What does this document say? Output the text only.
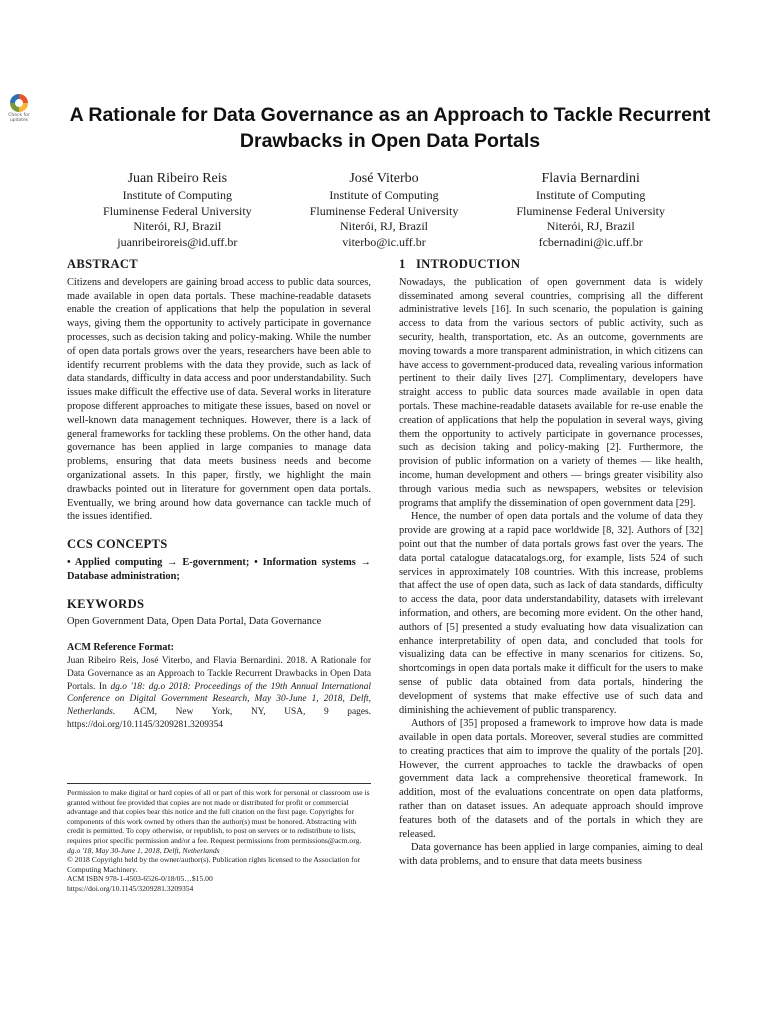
Check for updates	A Rationale for Data Governance as an Approach to Tackle Recurrent Drawbacks in Open Data Portals
Juan Ribeiro Reis
Institute of Computing
Fluminense Federal University
Niterói, RJ, Brazil
juanribeiroreis@id.uff.br
José Viterbo
Institute of Computing
Fluminense Federal University
Niterói, RJ, Brazil
viterbo@ic.uff.br
Flavia Bernardini
Institute of Computing
Fluminense Federal University
Niterói, RJ, Brazil
fcbernadini@ic.uff.br
ABSTRACT

Citizens and developers are gaining broad access to public data sources, made available in open data portals. These machine-readable datasets enable the creation of applications that help the population in several ways, giving them the opportunity to actively participate in governance processes, such as decision taking and policy-making. While the number of open data portals grows over the years, researchers have been able to identify recurrent problems with the data they provide, such as lack of data standards, difficulty in data access and poor understandability. Such issues make difficult the effective use of data. Several works in literature propose different approaches to mitigate these issues, based on novel or well-known data management techniques. However, there is a lack of general frameworks for tackling these problems. On the other hand, data governance has been applied in large companies to manage data problems, ensuring that data meets business needs and become organizational assets. In this paper, firstly, we highlight the main drawbacks pointed out in literature for government open data portals. Eventually, we bring around how data governance can tackle much of the issues identified.

CCS CONCEPTS

• Applied computing → E-government; • Information systems → Database administration;

KEYWORDS

Open Government Data, Open Data Portal, Data Governance

ACM Reference Format:

Juan Ribeiro Reis, José Viterbo, and Flavia Bernardini. 2018. A Rationale for Data Governance as an Approach to Tackle Recurrent Drawbacks in Open Data Portals. In dg.o '18: dg.o 2018: Proceedings of the 19th Annual International Conference on Digital Government Research, May 30-June 1, 2018, Delft, Netherlands. ACM, New York, NY, USA, 9 pages. https://doi.org/10.1145/3209281.3209354

Permission to make digital or hard copies of all or part of this work for personal or classroom use is granted without fee provided that copies are not made or distributed for profit or commercial advantage and that copies bear this notice and the full citation on the first page. Copyrights for components of this work owned by others than the author(s) must be honored. Abstracting with credit is permitted. To copy otherwise, or republish, to post on servers or to redistribute to lists, requires prior specific permission and/or a fee. Request permissions from permissions@acm.org.

dg.o '18, May 30-June 1, 2018, Delft, Netherlands

© 2018 Copyright held by the owner/author(s). Publication rights licensed to the Association for Computing Machinery.

ACM ISBN 978-1-4503-6526-0/18/05…$15.00

https://doi.org/10.1145/3209281.3209354

1   INTRODUCTION

Nowadays, the publication of open government data is widely disseminated among several countries, comprising all the different administrative levels [16]. In such scenario, the population is gaining access to data from the various sectors of public activity, such as security, health, transportation, etc. As an outcome, governments are moving towards a more transparent administration, in which citizens can have access to government-produced data, revealing various information pertinent to their daily lives [27]. Complimentary, developers have straight access to public data sources made available in open data portals. These machine-readable datasets available for re-use enable the creation of applications that help the population in several ways, giving them the opportunity to actively participate in governance processes, such as decision taking and policy-making [2]. Furthermore, the provision of public information on a variety of themes — like health, income, human development and others — brings greater visibility also through various media such as newspapers, websites or television programs that amplify the dissemination of open government data [29].

Hence, the number of open data portals and the volume of data they provide are growing at a rapid pace worldwide [8, 32]. Authors of [32] point out that the number of data portals grows fast over the years. The data portal catalogue datacatalogs.org, for example, lists 524 of such services in approximately 108 countries. With this increase, problems that affect the use of open data, such as lack of data standards, difficulty to access the data, poor data understandability, datasets with irrelevant information, and others, are becoming more evident. On the other hand, authors of [5] presented a study evaluating how data visualization can enhance interpretability of open data, and concluded that tools for visualizing data can be effective in many scenarios for citizens. So, shortcomings in open data portals make it difficult for the users to make sense of public data obtained from data portals, hindering the development of systems that make effective use of such data and diminishing the achievement of public transparency.

Authors of [35] proposed a framework to improve how data is made available in open data portals. Moreover, several studies are committed to creating practices that aim to improve the quality of the portals [20]. However, the current approaches to tackle the drawbacks of open government data lack a comprehensive theoretical framework. In addition, most of the evaluations concentrate on open data platforms, rather than on dataset issues. An adequate approach should improve features both of the datasets and of the portals in which they are released.

Data governance has been applied in large companies, aiming to deal with data problems, and to ensure that data meets business
